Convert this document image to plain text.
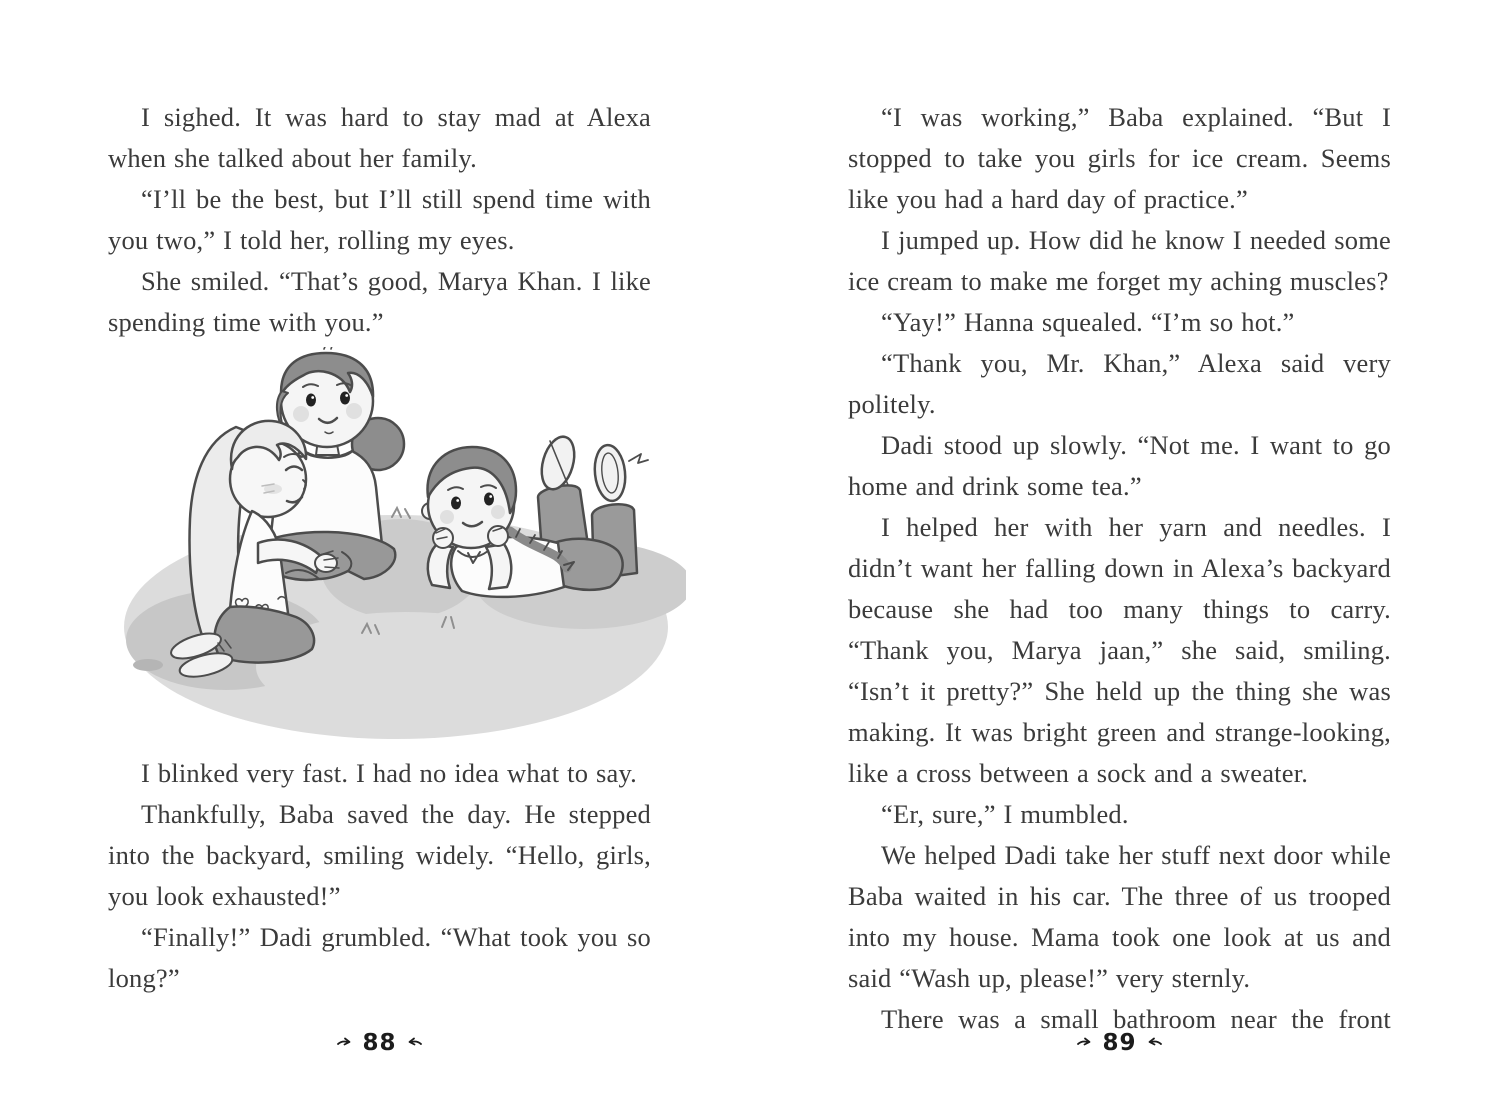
I sighed. It was hard to stay mad at Alexa when she talked about her family.

“I’ll be the best, but I’ll still spend time with you two,” I told her, rolling my eyes.

She smiled. “That’s good, Marya Khan. I like spending time with you.”

I blinked very fast. I had no idea what to say.

Thankfully, Baba saved the day. He stepped into the backyard, smiling widely. “Hello, girls, you look exhausted!”

“Finally!” Dadi grumbled. “What took you so long?”

“I was working,” Baba explained. “But I stopped to take you girls for ice cream. Seems like you had a hard day of practice.”

I jumped up. How did he know I needed some ice cream to make me forget my aching muscles?

“Yay!” Hanna squealed. “I’m so hot.”

“Thank you, Mr. Khan,” Alexa said very politely.

Dadi stood up slowly. “Not me. I want to go home and drink some tea.”

I helped her with her yarn and needles. I didn’t want her falling down in Alexa’s backyard because she had too many things to carry. “Thank you, Marya jaan,” she said, smiling. “Isn’t it pretty?” She held up the thing she was making. It was bright green and strange-looking, like a cross between a sock and a sweater.

“Er, sure,” I mumbled.

We helped Dadi take her stuff next door while Baba waited in his car. The three of us trooped into my house. Mama took one look at us and said “Wash up, please!” very sternly.

There was a small bathroom near the front

88	89
